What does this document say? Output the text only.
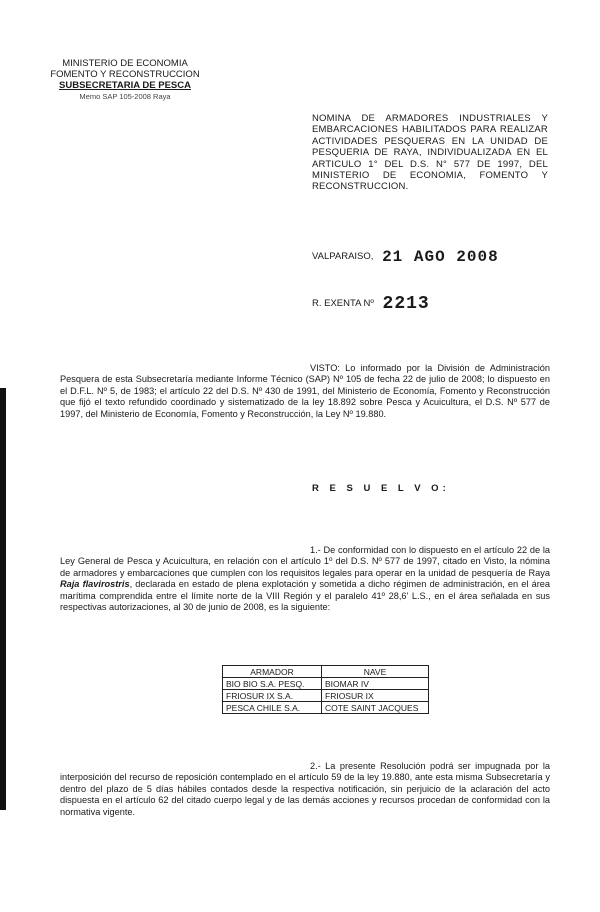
MINISTERIO DE ECONOMIA
FOMENTO Y RECONSTRUCCION
SUBSECRETARIA DE PESCA
Memo SAP 105-2008 Raya
NOMINA DE ARMADORES INDUSTRIALES Y EMBARCACIONES HABILITADOS PARA REALIZAR ACTIVIDADES PESQUERAS EN LA UNIDAD DE PESQUERIA DE RAYA, INDIVIDUALIZADA EN EL ARTICULO 1° DEL D.S. N° 577 DE 1997, DEL MINISTERIO DE ECONOMIA, FOMENTO Y RECONSTRUCCION.
VALPARAISO, 21 AGO 2008
R. EXENTA Nº 2213
VISTO: Lo informado por la División de Administración Pesquera de esta Subsecretaría mediante Informe Técnico (SAP) Nº 105 de fecha 22 de julio de 2008; lo dispuesto en el D.F.L. Nº 5, de 1983; el artículo 22 del D.S. Nº 430 de 1991, del Ministerio de Economía, Fomento y Reconstrucción que fijó el texto refundido coordinado y sistematizado de la ley 18.892 sobre Pesca y Acuicultura, el D.S. Nº 577 de 1997, del Ministerio de Economía, Fomento y Reconstrucción, la Ley Nº 19.880.
R E S U E L V O:
1.- De conformidad con lo dispuesto en el artículo 22 de la Ley General de Pesca y Acuicultura, en relación con el artículo 1º del D.S. Nº 577 de 1997, citado en Visto, la nómina de armadores y embarcaciones que cumplen con los requisitos legales para operar en la unidad de pesquería de Raya Raja flavirostris, declarada en estado de plena explotación y sometida a dicho régimen de administración, en el área marítima comprendida entre el límite norte de la VIII Región y el paralelo 41º 28,6' L.S., en el área señalada en sus respectivas autorizaciones, al 30 de junio de 2008, es la siguiente:
ARMADOR	NAVE
BIO BIO S.A. PESQ.	BIOMAR IV
FRIOSUR IX S.A.	FRIOSUR IX
PESCA CHILE S.A.	COTE SAINT JACQUES
2.- La presente Resolución podrá ser impugnada por la interposición del recurso de reposición contemplado en el artículo 59 de la ley 19.880, ante esta misma Subsecretaría y dentro del plazo de 5 días hábiles contados desde la respectiva notificación, sin perjuicio de la aclaración del acto dispuesta en el artículo 62 del citado cuerpo legal y de las demás acciones y recursos procedan de conformidad con la normativa vigente.
